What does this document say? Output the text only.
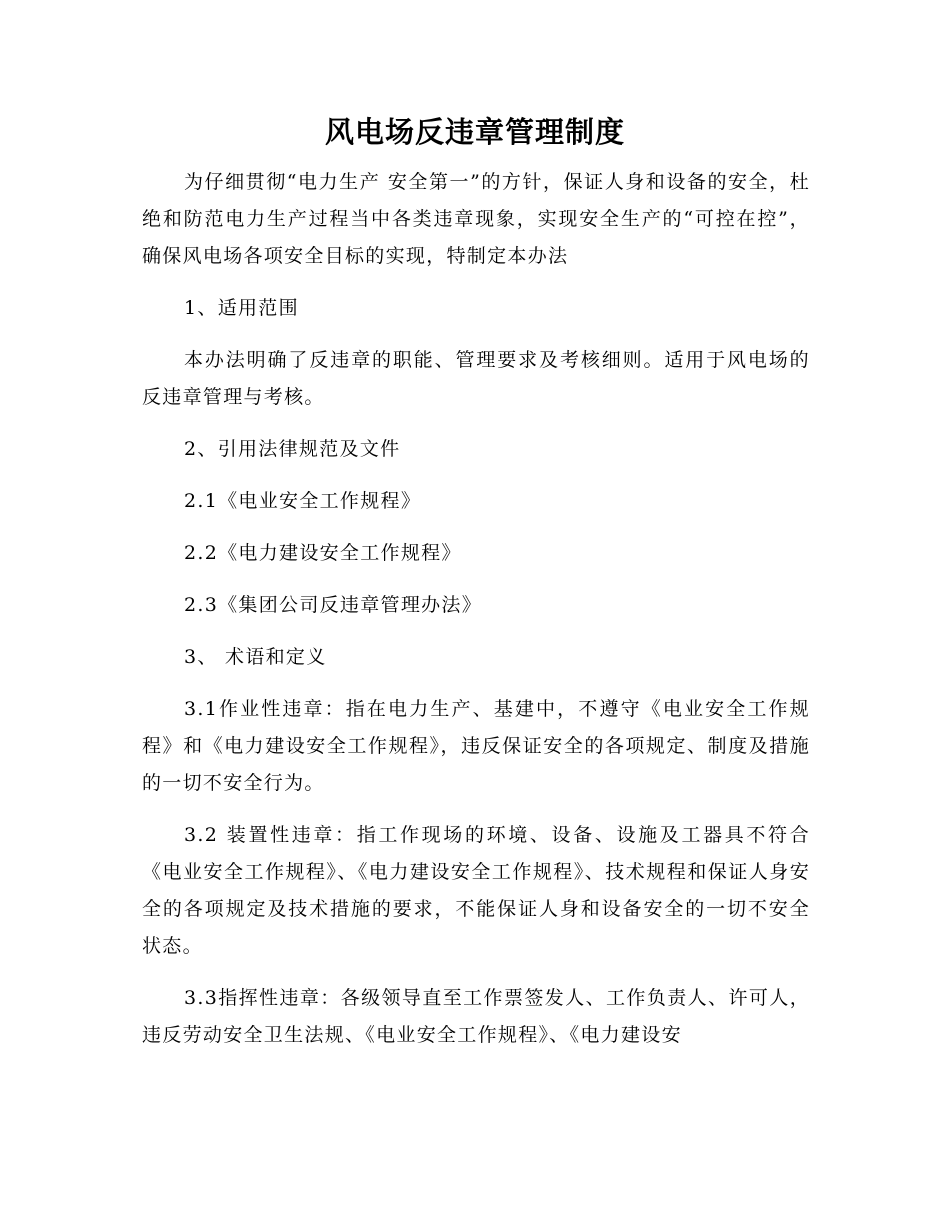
风电场反违章管理制度

为仔细贯彻“电力生产 安全第一”的方针，保证人身和设备的安全，杜绝和防范电力生产过程当中各类违章现象，实现安全生产的“可控在控”，确保风电场各项安全目标的实现，特制定本办法

1、适用范围

本办法明确了反违章的职能、管理要求及考核细则。适用于风电场的反违章管理与考核。

2、引用法律规范及文件

2.1《电业安全工作规程》

2.2《电力建设安全工作规程》

2.3《集团公司反违章管理办法》

3、 术语和定义

3.1作业性违章：指在电力生产、基建中，不遵守《电业安全工作规程》和《电力建设安全工作规程》，违反保证安全的各项规定、制度及措施的一切不安全行为。

3.2 装置性违章：指工作现场的环境、设备、设施及工器具不符合《电业安全工作规程》、《电力建设安全工作规程》、技术规程和保证人身安全的各项规定及技术措施的要求，不能保证人身和设备安全的一切不安全状态。

3.3指挥性违章：各级领导直至工作票签发人、工作负责人、许可人，违反劳动安全卫生法规、《电业安全工作规程》、《电力建设安
